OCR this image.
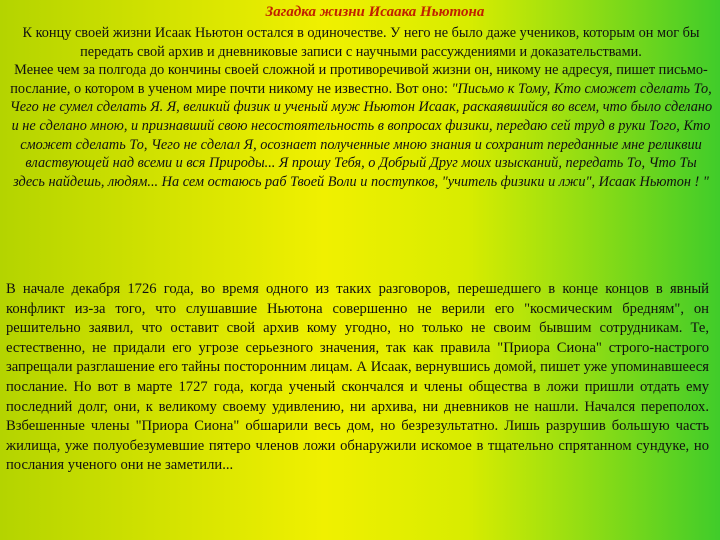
Загадка жизни Исаака Ньютона

К концу своей жизни Исаак Ньютон остался в одиночестве. У него не было даже учеников, которым он мог бы передать свой архив и дневниковые записи с научными рассуждениями и доказательствами.

Менее чем за полгода до кончины своей сложной и противоречивой жизни он, никому не адресуя, пишет письмо-послание, о котором в ученом мире почти никому не известно. Вот оно: "Письмо к Тому, Кто сможет сделать То, Чего не сумел сделать Я. Я, великий физик и ученый муж Ньютон Исаак, раскаявшийся во всем, что было сделано и не сделано мною, и признавший свою несостоятельность в вопросах физики, передаю сей труд в руки Того, Кто сможет сделать То, Чего не сделал Я, осознает полученные мною знания и сохранит переданные мне реликвии властвующей над всеми и вся Природы... Я прошу Тебя, о Добрый Друг моих изысканий, передать То, Что Ты здесь найдешь, людям... На сем остаюсь раб Твоей Воли и поступков, "учитель физики и лжи", Исаак Ньютон ! "

В начале декабря 1726 года, во время одного из таких разговоров, перешедшего в конце концов в явный конфликт из-за того, что слушавшие Ньютона совершенно не верили его "космическим бредням", он решительно заявил, что оставит свой архив кому угодно, но только не своим бывшим сотрудникам. Те, естественно, не придали его угрозе серьезного значения, так как правила "Приора Сиона" строго-настрого запрещали разглашение его тайны посторонним лицам. А Исаак, вернувшись домой, пишет уже упоминавшееся послание. Но вот в марте 1727 года, когда ученый скончался и члены общества в ложи пришли отдать ему последний долг, они, к великому своему удивлению, ни архива, ни дневников не нашли. Начался переполох. Взбешенные члены "Приора Сиона" обшарили весь дом, но безрезультатно. Лишь разрушив большую часть жилища, уже полуобезумевшие пятеро членов ложи обнаружили искомое в тщательно спрятанном сундуке, но послания ученого они не заметили...
